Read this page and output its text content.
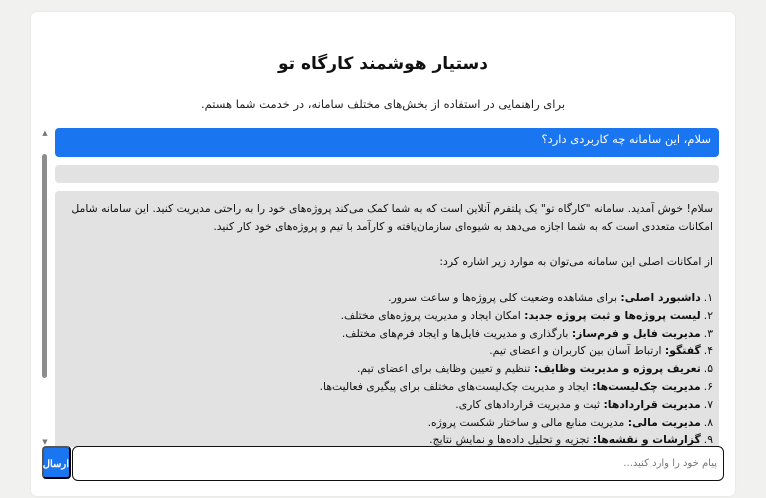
دستیار هوشمند کارگاه تو

برای راهنمایی در استفاده از بخش‌های مختلف سامانه، در خدمت شما هستم.

▲
▼
سلام، این سامانه چه کاربردی دارد؟

سلام! خوش آمدید. سامانه "کارگاه تو" یک پلتفرم آنلاین است که به شما کمک می‌کند پروژه‌های خود را به راحتی مدیریت کنید. این سامانه شامل امکانات متعددی است که به شما اجازه می‌دهد به شیوه‌ای سازمان‌یافته و کارآمد با تیم و پروژه‌های خود کار کنید.

از امکانات اصلی این سامانه می‌توان به موارد زیر اشاره کرد:

۱.داشبورد اصلی: برای مشاهده وضعیت کلی پروژه‌ها و ساعت سرور.
۲.لیست پروژه‌ها و ثبت پروژه جدید: امکان ایجاد و مدیریت پروژه‌های مختلف.
۳.مدیریت فایل و فرم‌ساز: بارگذاری و مدیریت فایل‌ها و ایجاد فرم‌های مختلف.
۴.گفتگو: ارتباط آسان بین کاربران و اعضای تیم.
۵.تعریف پروژه و مدیریت وظایف: تنظیم و تعیین وظایف برای اعضای تیم.
۶.مدیریت چک‌لیست‌ها: ایجاد و مدیریت چک‌لیست‌های مختلف برای پیگیری فعالیت‌ها.
۷.مدیریت قراردادها: ثبت و مدیریت قراردادهای کاری.
۸.مدیریت مالی: مدیریت منابع مالی و ساختار شکست پروژه.
۹.گزارشات و نقشه‌ها: تجزیه و تحلیل داده‌ها و نمایش نتایج.
ارسال
پیام خود را وارد کنید...
